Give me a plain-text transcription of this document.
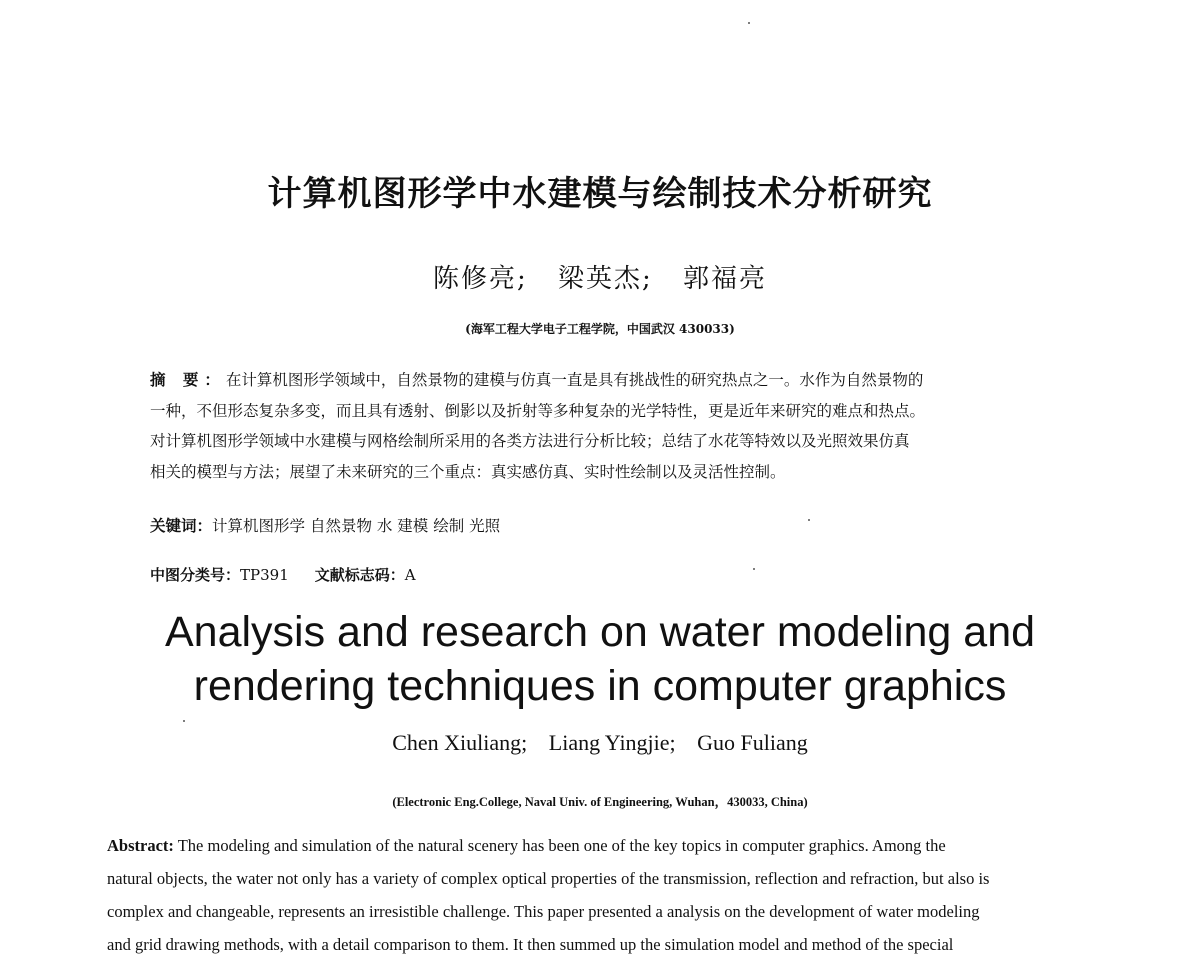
计算机图形学中水建模与绘制技术分析研究
陈修亮; 梁英杰; 郭福亮
(海军工程大学电子工程学院，中国武汉 430033)
摘 要：在计算机图形学领域中，自然景物的建模与仿真一直是具有挑战性的研究热点之一。水作为自然景物的
一种，不但形态复杂多变，而且具有透射、倒影以及折射等多种复杂的光学特性，更是近年来研究的难点和热点。
对计算机图形学领域中水建模与网格绘制所采用的各类方法进行分析比较；总结了水花等特效以及光照效果仿真
相关的模型与方法；展望了未来研究的三个重点：真实感仿真、实时性绘制以及灵活性控制。
关键词：计算机图形学 自然景物 水 建模 绘制 光照
中图分类号：TP391 文献标志码：A
Analysis and research on water modeling and
rendering techniques in computer graphics
Chen Xiuliang; Liang Yingjie; Guo Fuliang
(Electronic Eng.College, Naval Univ. of Engineering, Wuhan，430033, China)
Abstract: The modeling and simulation of the natural scenery has been one of the key topics in computer graphics. Among the
natural objects, the water not only has a variety of complex optical properties of the transmission, reflection and refraction, but also is
complex and changeable, represents an irresistible challenge. This paper presented a analysis on the development of water modeling
and grid drawing methods, with a detail comparison to them. It then summed up the simulation model and method of the special
